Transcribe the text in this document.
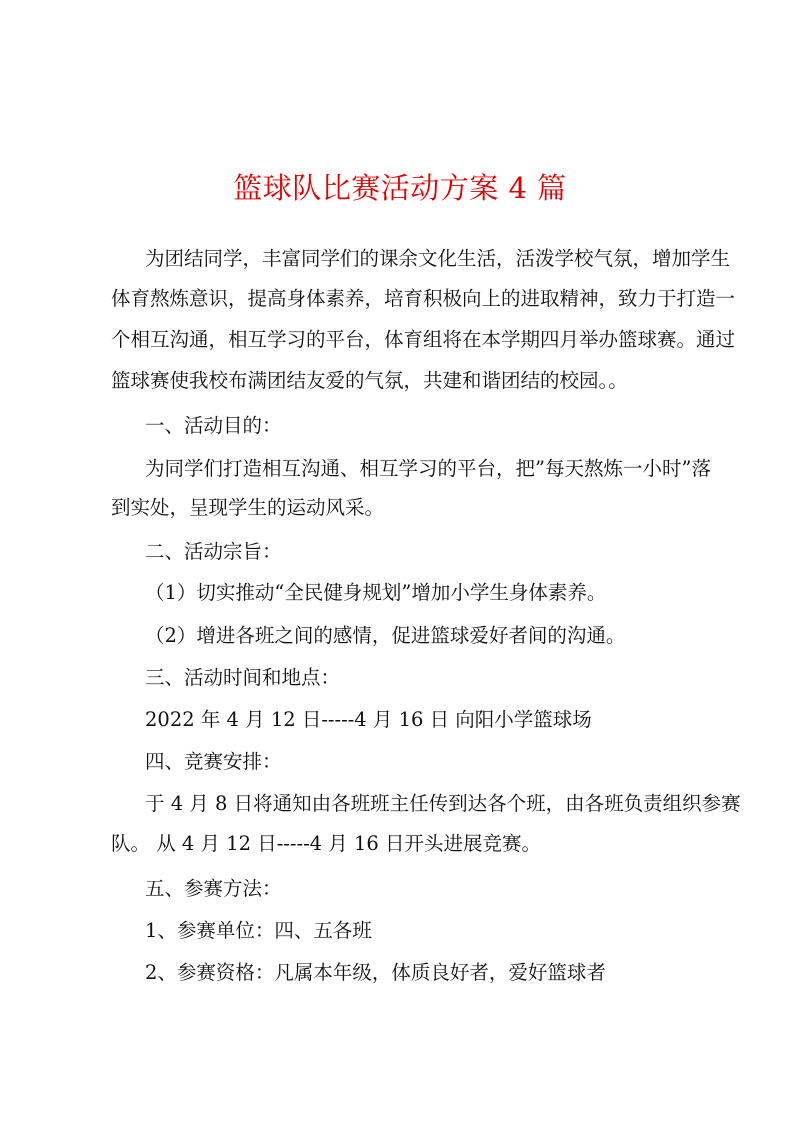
篮球队比赛活动方案 4 篇
为团结同学，丰富同学们的课余文化生活，活泼学校气氛，增加学生
体育熬炼意识，提高身体素养，培育积极向上的进取精神，致力于打造一
个相互沟通，相互学习的平台，体育组将在本学期四月举办篮球赛。通过
篮球赛使我校布满团结友爱的气氛，共建和谐团结的校园。。
一、活动目的：
为同学们打造相互沟通、相互学习的平台，把”每天熬炼一小时”落
到实处，呈现学生的运动风采。
二、活动宗旨：
（1）切实推动“全民健身规划”增加小学生身体素养。
（2）增进各班之间的感情，促进篮球爱好者间的沟通。
三、活动时间和地点：
2022 年 4 月 12 日-----4 月 16 日 向阳小学篮球场
四、竞赛安排：
于 4 月 8 日将通知由各班班主任传到达各个班，由各班负责组织参赛
队。 从 4 月 12 日-----4 月 16 日开头进展竞赛。
五、参赛方法：
1、参赛单位：四、五各班
2、参赛资格：凡属本年级，体质良好者，爱好篮球者
